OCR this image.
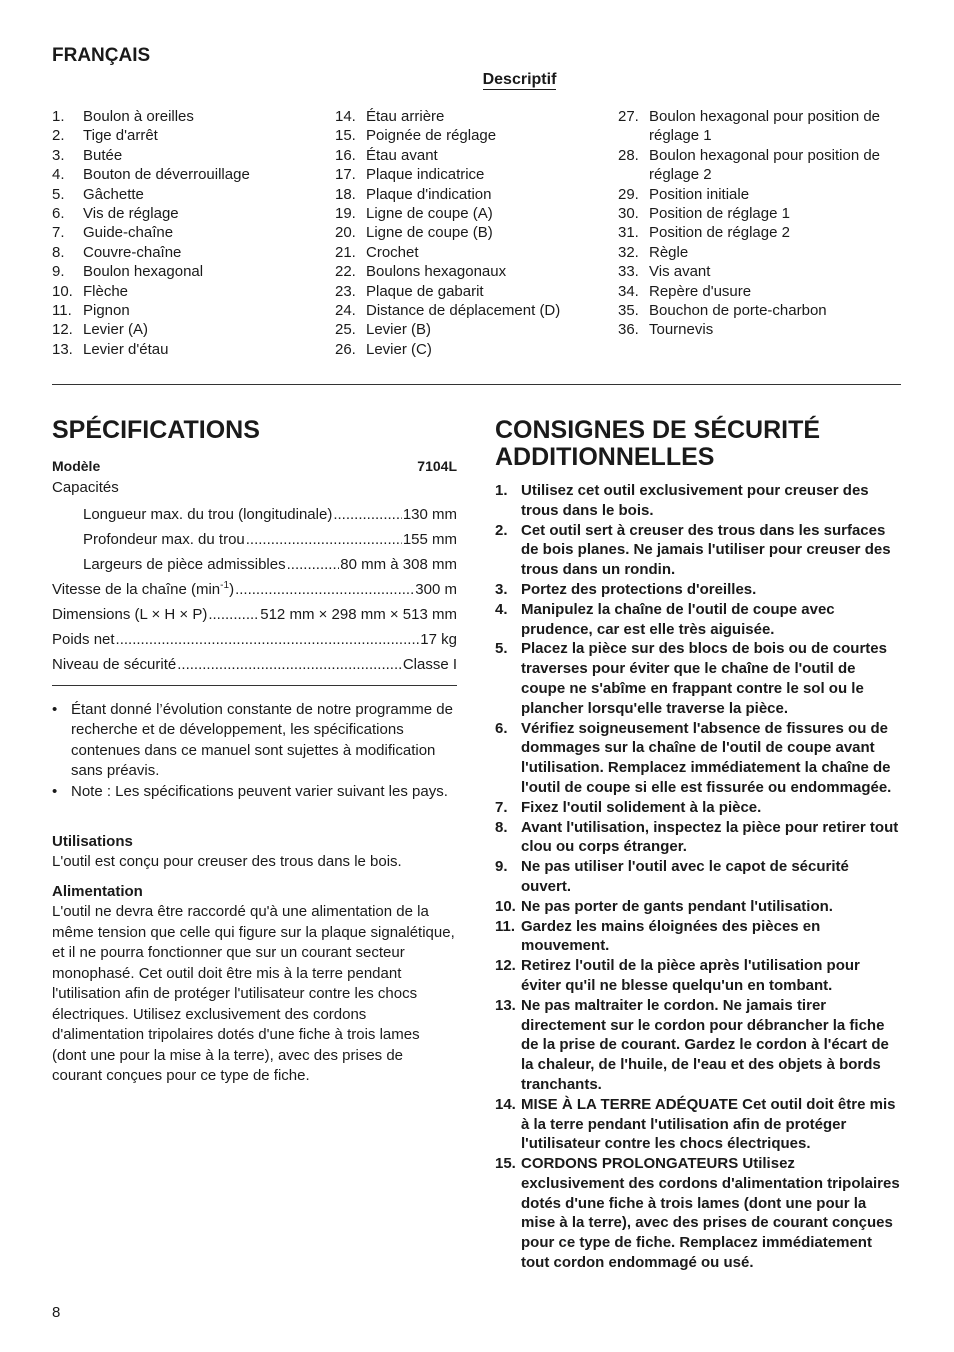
FRANÇAIS
Descriptif
1.	Boulon à oreilles
2.	Tige d'arrêt
3.	Butée
4.	Bouton de déverrouillage
5.	Gâchette
6.	Vis de réglage
7.	Guide-chaîne
8.	Couvre-chaîne
9.	Boulon hexagonal
10. Flèche
11. Pignon
12. Levier (A)
13. Levier d'étau
14. Étau arrière
15. Poignée de réglage
16. Étau avant
17. Plaque indicatrice
18. Plaque d'indication
19. Ligne de coupe (A)
20. Ligne de coupe (B)
21. Crochet
22. Boulons hexagonaux
23. Plaque de gabarit
24. Distance de déplacement (D)
25. Levier (B)
26. Levier (C)
27. Boulon hexagonal pour position de réglage 1
28. Boulon hexagonal pour position de réglage 2
29. Position initiale
30. Position de réglage 1
31. Position de réglage 2
32. Règle
33. Vis avant
34. Repère d'usure
35. Bouchon de porte-charbon
36. Tournevis
SPÉCIFICATIONS
Modèle	7104L
Capacités
Longueur max. du trou (longitudinale) .....	130 mm
Profondeur max. du trou .....	155 mm
Largeurs de pièce admissibles .....	80 mm à 308 mm
Vitesse de la chaîne $(\min^{-1})$ .....	300 m
Dimensions (L × H × P) .....	512 mm × 298 mm × 513 mm
Poids net .....	17 kg
Niveau de sécurité .....	Classe I
• Étant donné l’évolution constante de notre programme de recherche et de développement, les spécifications contenues dans ce manuel sont sujettes à modification sans préavis.
• Note : Les spécifications peuvent varier suivant les pays.
Utilisations
L'outil est conçu pour creuser des trous dans le bois.
Alimentation
L'outil ne devra être raccordé qu'à une alimentation de la même tension que celle qui figure sur la plaque signalétique, et il ne pourra fonctionner que sur un courant secteur monophasé. Cet outil doit être mis à la terre pendant l'utilisation afin de protéger l'utilisateur contre les chocs électriques. Utilisez exclusivement des cordons d'alimentation tripolaires dotés d'une fiche à trois lames (dont une pour la mise à la terre), avec des prises de courant conçues pour ce type de fiche.
CONSIGNES DE SÉCURITÉ
ADDITIONNELLES
1. Utilisez cet outil exclusivement pour creuser des trous dans le bois.
2. Cet outil sert à creuser des trous dans les surfaces de bois planes. Ne jamais l'utiliser pour creuser des trous dans un rondin.
3. Portez des protections d'oreilles.
4. Manipulez la chaîne de l'outil de coupe avec prudence, car est elle très aiguisée.
5. Placez la pièce sur des blocs de bois ou de courtes traverses pour éviter que le chaîne de l'outil de coupe ne s'abîme en frappant contre le sol ou le plancher lorsqu'elle traverse la pièce.
6. Vérifiez soigneusement l'absence de fissures ou de dommages sur la chaîne de l'outil de coupe avant l'utilisation. Remplacez immédiatement la chaîne de l'outil de coupe si elle est fissurée ou endommagée.
7. Fixez l'outil solidement à la pièce.
8. Avant l'utilisation, inspectez la pièce pour retirer tout clou ou corps étranger.
9. Ne pas utiliser l'outil avec le capot de sécurité ouvert.
10. Ne pas porter de gants pendant l'utilisation.
11. Gardez les mains éloignées des pièces en mouvement.
12. Retirez l'outil de la pièce après l'utilisation pour éviter qu'il ne blesse quelqu'un en tombant.
13. Ne pas maltraiter le cordon. Ne jamais tirer directement sur le cordon pour débrancher la fiche de la prise de courant. Gardez le cordon à l'écart de la chaleur, de l'huile, de l'eau et des objets à bords tranchants.
14. MISE À LA TERRE ADÉQUATE Cet outil doit être mis à la terre pendant l'utilisation afin de protéger l'utilisateur contre les chocs électriques.
15. CORDONS PROLONGATEURS Utilisez exclusivement des cordons d'alimentation tripolaires dotés d'une fiche à trois lames (dont une pour la mise à la terre), avec des prises de courant conçues pour ce type de fiche. Remplacez immédiatement tout cordon endommagé ou usé.
8
